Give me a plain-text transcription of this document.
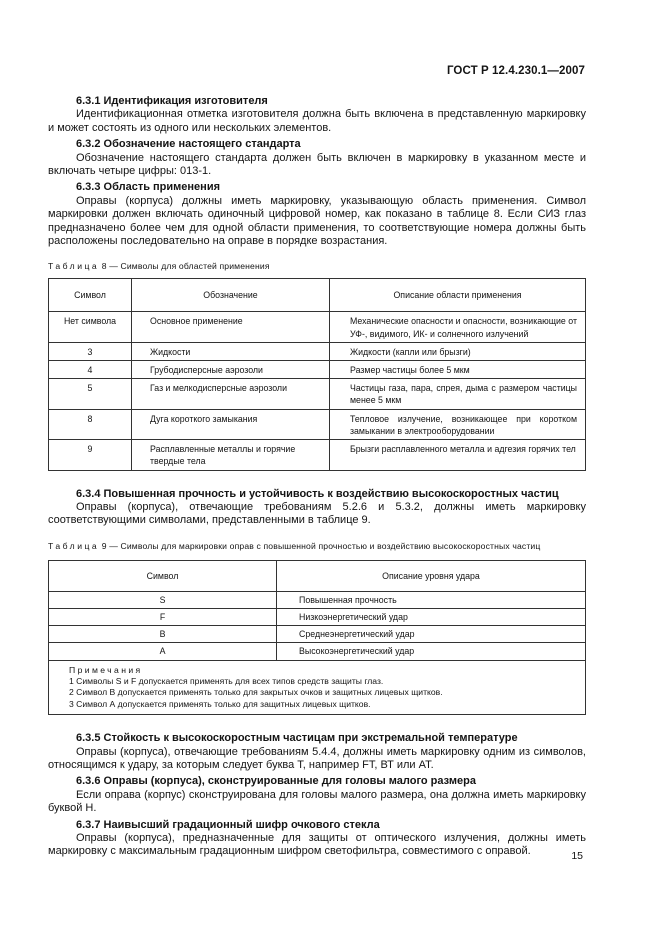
ГОСТ Р 12.4.230.1—2007
6.3.1 Идентификация изготовителя

Идентификационная отметка изготовителя должна быть включена в представленную маркировку и может состоять из одного или нескольких элементов.

6.3.2 Обозначение настоящего стандарта

Обозначение настоящего стандарта должен быть включен в маркировку в указанном месте и включать четыре цифры: 013-1.

6.3.3 Область применения

Оправы (корпуса) должны иметь маркировку, указывающую область применения. Символ маркировки должен включать одиночный цифровой номер, как показано в таблице 8. Если СИЗ глаз предназначено более чем для одной области применения, то соответствующие номера должны быть расположены последовательно на оправе в порядке возрастания.

Таблица 8 — Символы для областей применения
Символ	Обозначение	Описание области применения
Нет символа	Основное применение	Механические опасности и опасности, возникающие от УФ-, видимого, ИК- и солнечного излучений
3	Жидкости	Жидкости (капли или брызги)
4	Грубодисперсные аэрозоли	Размер частицы более 5 мкм
5	Газ и мелкодисперсные аэрозоли	Частицы газа, пара, спрея, дыма с размером частицы менее 5 мкм
8	Дуга короткого замыкания	Тепловое излучение, возникающее при коротком замыкании в электрооборудовании
9	Расплавленные металлы и горячие твердые тела	Брызги расплавленного металла и адгезия горячих тел
6.3.4 Повышенная прочность и устойчивость к воздействию высокоскоростных частиц

Оправы (корпуса), отвечающие требованиям 5.2.6 и 5.3.2, должны иметь маркировку соответствующими символами, представленными в таблице 9.

Таблица 9 — Символы для маркировки оправ с повышенной прочностью и воздействию высокоскоростных частиц
Символ	Описание уровня удара
S	Повышенная прочность
F	Низкоэнергетический удар
B	Среднеэнергетический удар
A	Высокоэнергетический удар
Примечания
1 Символы S и F допускается применять для всех типов средств защиты глаз.
2 Символ В допускается применять только для закрытых очков и защитных лицевых щитков.
3 Символ А допускается применять только для защитных лицевых щитков.
6.3.5 Стойкость к высокоскоростным частицам при экстремальной температуре

Оправы (корпуса), отвечающие требованиям 5.4.4, должны иметь маркировку одним из символов, относящимся к удару, за которым следует буква Т, например FT, ВТ или АТ.

6.3.6 Оправы (корпуса), сконструированные для головы малого размера

Если оправа (корпус) сконструирована для головы малого размера, она должна иметь маркировку буквой Н.

6.3.7 Наивысший градационный шифр очкового стекла

Оправы (корпуса), предназначенные для защиты от оптического излучения, должны иметь маркировку с максимальным градационным шифром светофильтра, совместимого с оправой.	15
